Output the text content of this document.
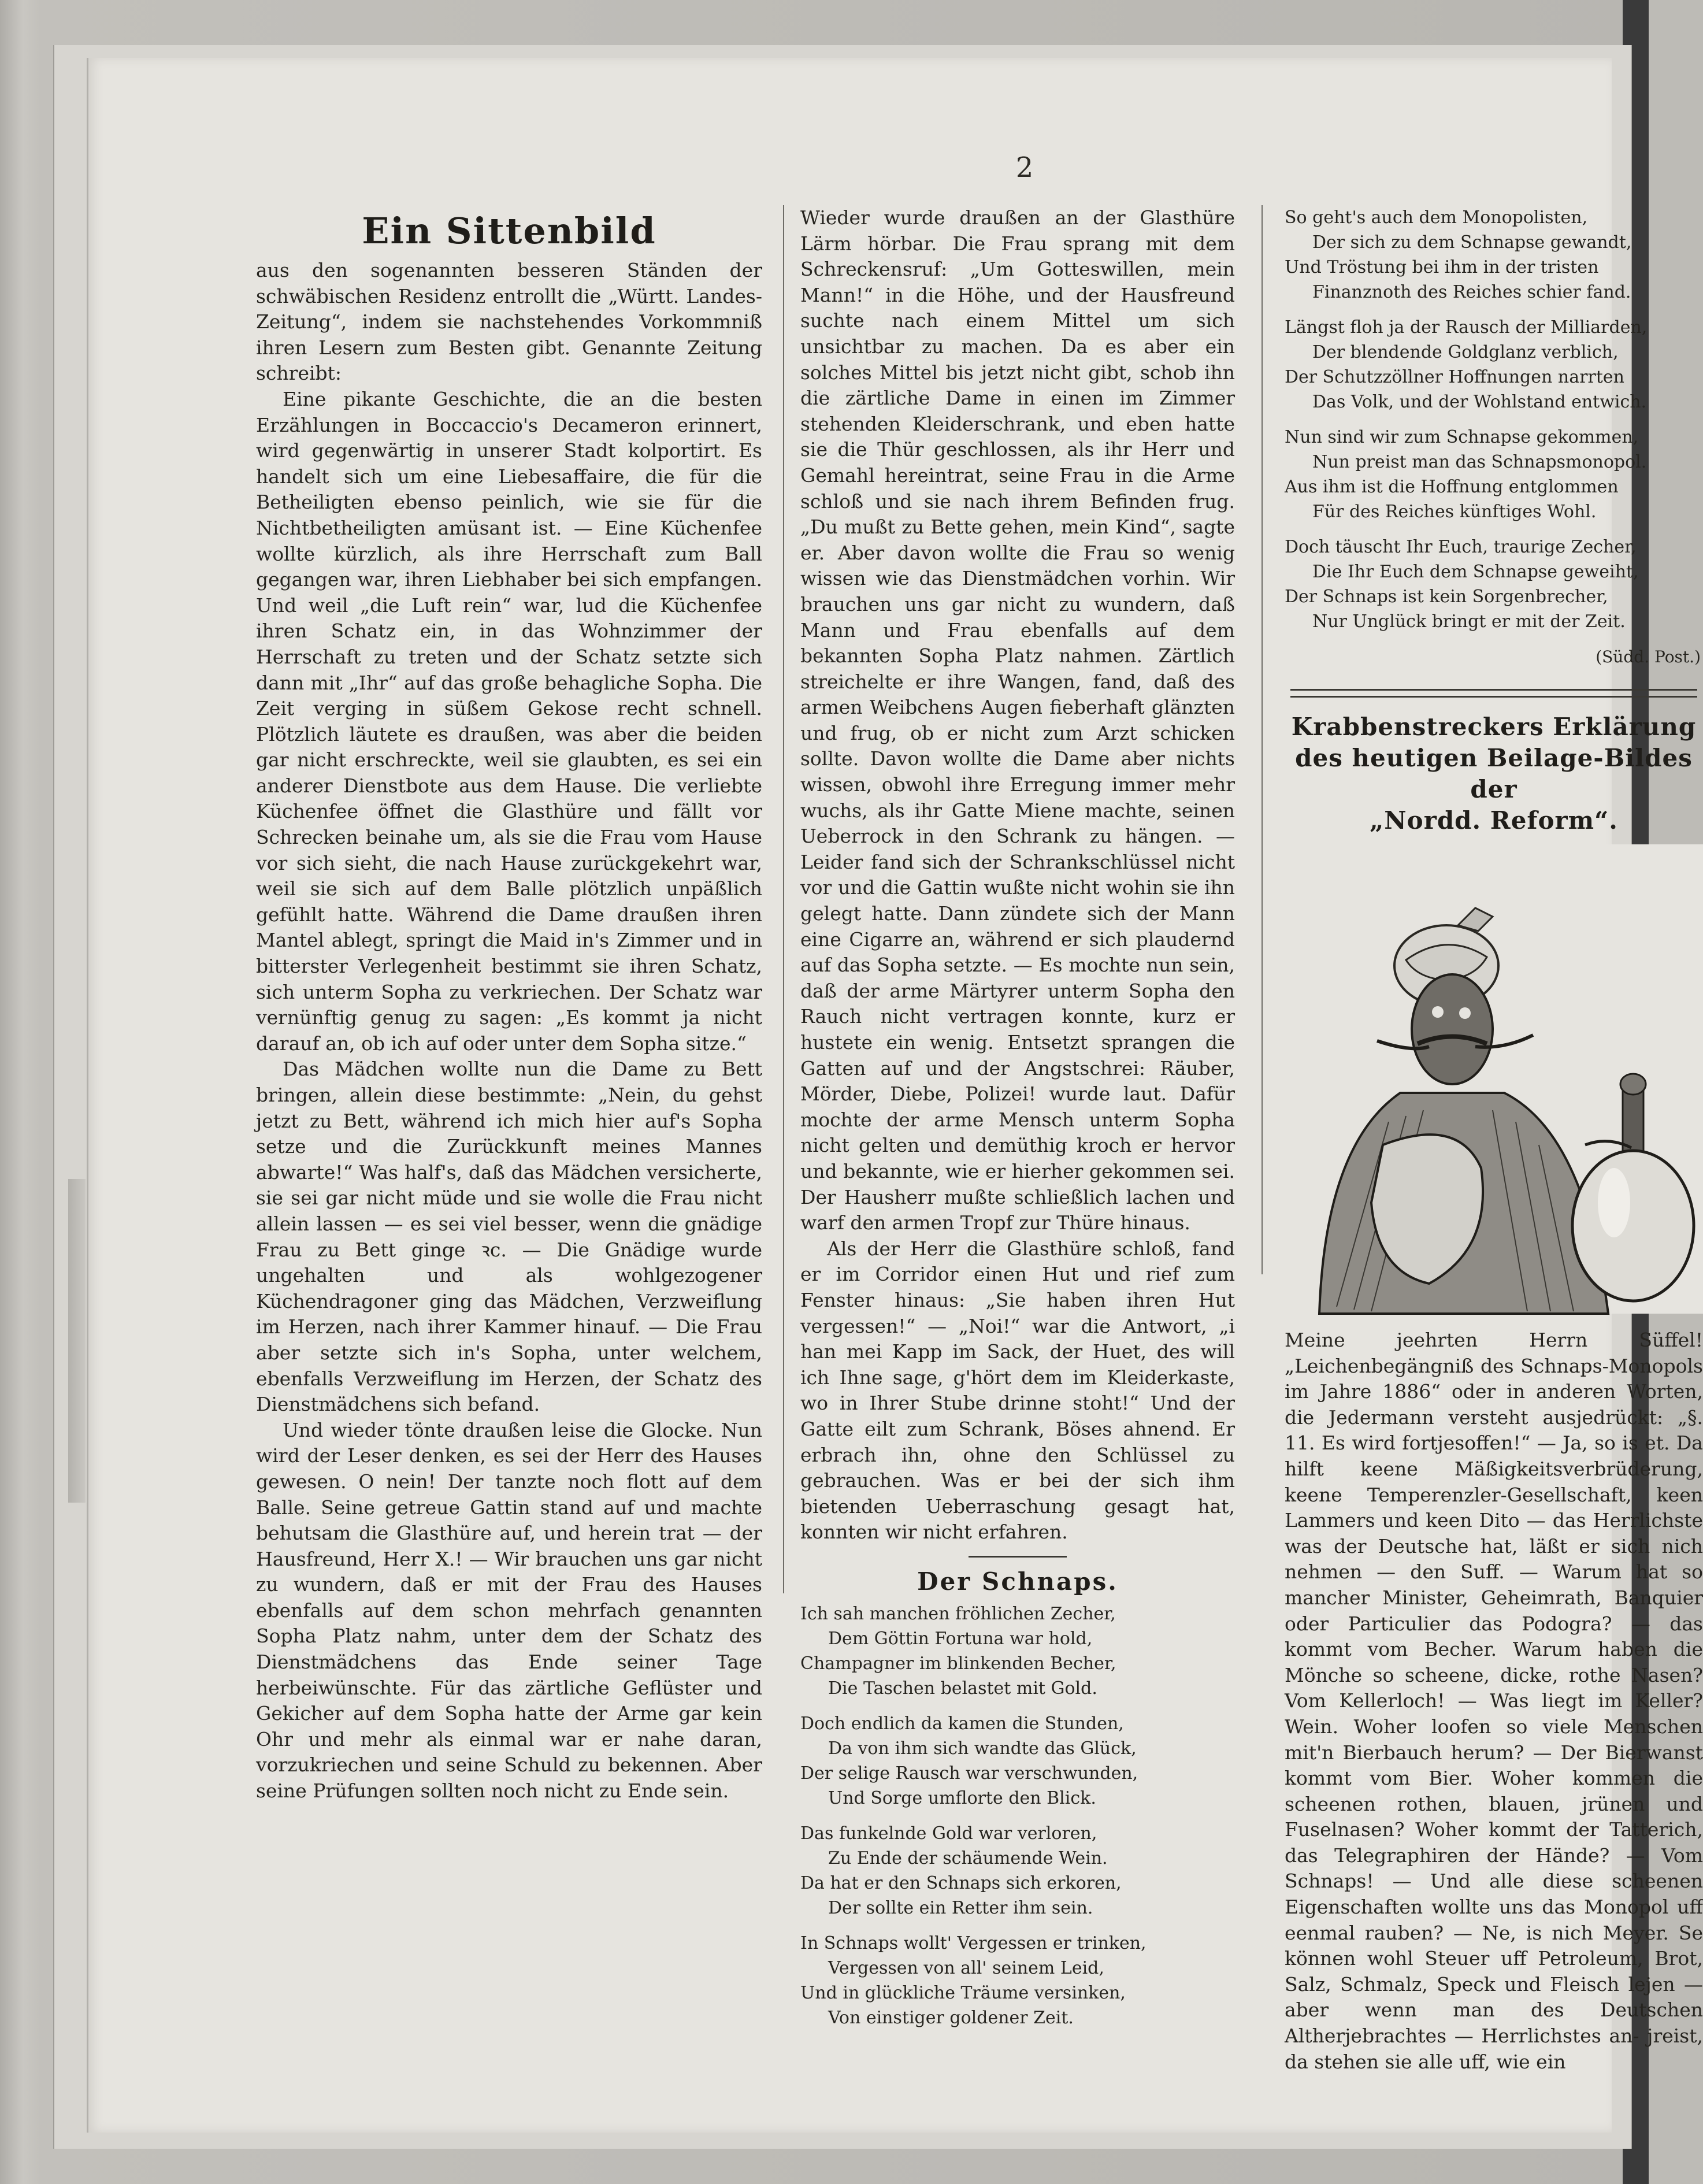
2
Ein Sittenbild

aus den sogenannten besseren Ständen der schwäbischen Residenz entrollt die „Württ. Landes-Zeitung“, indem sie nachstehendes Vorkommniß ihren Lesern zum Besten gibt. Genannte Zeitung schreibt:

Eine pikante Geschichte, die an die besten Erzählungen in Boccaccio's Decameron erinnert, wird gegenwärtig in unserer Stadt kolportirt. Es handelt sich um eine Liebesaffaire, die für die Betheiligten ebenso peinlich, wie sie für die Nichtbetheiligten amüsant ist. — Eine Küchenfee wollte kürzlich, als ihre Herrschaft zum Ball gegangen war, ihren Liebhaber bei sich empfangen. Und weil „die Luft rein“ war, lud die Küchenfee ihren Schatz ein, in das Wohnzimmer der Herrschaft zu treten und der Schatz setzte sich dann mit „Ihr“ auf das große behagliche Sopha. Die Zeit verging in süßem Gekose recht schnell. Plötzlich läutete es draußen, was aber die beiden gar nicht erschreckte, weil sie glaubten, es sei ein anderer Dienstbote aus dem Hause. Die verliebte Küchenfee öffnet die Glasthüre und fällt vor Schrecken beinahe um, als sie die Frau vom Hause vor sich sieht, die nach Hause zurückgekehrt war, weil sie sich auf dem Balle plötzlich unpäßlich gefühlt hatte. Während die Dame draußen ihren Mantel ablegt, springt die Maid in's Zimmer und in bitterster Verlegenheit bestimmt sie ihren Schatz, sich unterm Sopha zu verkriechen. Der Schatz war vernünftig genug zu sagen: „Es kommt ja nicht darauf an, ob ich auf oder unter dem Sopha sitze.“

Das Mädchen wollte nun die Dame zu Bett bringen, allein diese bestimmte: „Nein, du gehst jetzt zu Bett, während ich mich hier auf's Sopha setze und die Zurückkunft meines Mannes abwarte!“ Was half's, daß das Mädchen versicherte, sie sei gar nicht müde und sie wolle die Frau nicht allein lassen — es sei viel besser, wenn die gnädige Frau zu Bett ginge ꝛc. — Die Gnädige wurde ungehalten und als wohlgezogener Küchendragoner ging das Mädchen, Verzweiflung im Herzen, nach ihrer Kammer hinauf. — Die Frau aber setzte sich in's Sopha, unter welchem, ebenfalls Verzweiflung im Herzen, der Schatz des Dienstmädchens sich befand.

Und wieder tönte draußen leise die Glocke. Nun wird der Leser denken, es sei der Herr des Hauses gewesen. O nein! Der tanzte noch flott auf dem Balle. Seine getreue Gattin stand auf und machte behutsam die Glasthüre auf, und herein trat — der Hausfreund, Herr X.! — Wir brauchen uns gar nicht zu wundern, daß er mit der Frau des Hauses ebenfalls auf dem schon mehrfach genannten Sopha Platz nahm, unter dem der Schatz des Dienstmädchens das Ende seiner Tage herbeiwünschte. Für das zärtliche Geflüster und Gekicher auf dem Sopha hatte der Arme gar kein Ohr und mehr als einmal war er nahe daran, vorzukriechen und seine Schuld zu bekennen. Aber seine Prüfungen sollten noch nicht zu Ende sein.

Wieder wurde draußen an der Glasthüre Lärm hörbar. Die Frau sprang mit dem Schreckensruf: „Um Gotteswillen, mein Mann!“ in die Höhe, und der Hausfreund suchte nach einem Mittel um sich unsichtbar zu machen. Da es aber ein solches Mittel bis jetzt nicht gibt, schob ihn die zärtliche Dame in einen im Zimmer stehenden Kleiderschrank, und eben hatte sie die Thür geschlossen, als ihr Herr und Gemahl hereintrat, seine Frau in die Arme schloß und sie nach ihrem Befinden frug. „Du mußt zu Bette gehen, mein Kind“, sagte er. Aber davon wollte die Frau so wenig wissen wie das Dienstmädchen vorhin. Wir brauchen uns gar nicht zu wundern, daß Mann und Frau ebenfalls auf dem bekannten Sopha Platz nahmen. Zärtlich streichelte er ihre Wangen, fand, daß des armen Weibchens Augen fieberhaft glänzten und frug, ob er nicht zum Arzt schicken sollte. Davon wollte die Dame aber nichts wissen, obwohl ihre Erregung immer mehr wuchs, als ihr Gatte Miene machte, seinen Ueberrock in den Schrank zu hängen. — Leider fand sich der Schrankschlüssel nicht vor und die Gattin wußte nicht wohin sie ihn gelegt hatte. Dann zündete sich der Mann eine Cigarre an, während er sich plaudernd auf das Sopha setzte. — Es mochte nun sein, daß der arme Märtyrer unterm Sopha den Rauch nicht vertragen konnte, kurz er hustete ein wenig. Entsetzt sprangen die Gatten auf und der Angstschrei: Räuber, Mörder, Diebe, Polizei! wurde laut. Dafür mochte der arme Mensch unterm Sopha nicht gelten und demüthig kroch er hervor und bekannte, wie er hierher gekommen sei. Der Hausherr mußte schließlich lachen und warf den armen Tropf zur Thüre hinaus.

Als der Herr die Glasthüre schloß, fand er im Corridor einen Hut und rief zum Fenster hinaus: „Sie haben ihren Hut vergessen!“ — „Noi!“ war die Antwort, „i han mei Kapp im Sack, der Huet, des will ich Ihne sage, g'hört dem im Kleiderkaste, wo in Ihrer Stube drinne stoht!“ Und der Gatte eilt zum Schrank, Böses ahnend. Er erbrach ihn, ohne den Schlüssel zu gebrauchen. Was er bei der sich ihm bietenden Ueberraschung gesagt hat, konnten wir nicht erfahren.

Der Schnaps.
Ich sah manchen fröhlichen Zecher,
Dem Göttin Fortuna war hold,
Champagner im blinkenden Becher,
Die Taschen belastet mit Gold.
Doch endlich da kamen die Stunden,
Da von ihm sich wandte das Glück,
Der selige Rausch war verschwunden,
Und Sorge umflorte den Blick.
Das funkelnde Gold war verloren,
Zu Ende der schäumende Wein.
Da hat er den Schnaps sich erkoren,
Der sollte ein Retter ihm sein.
In Schnaps wollt' Vergessen er trinken,
Vergessen von all' seinem Leid,
Und in glückliche Träume versinken,
Von einstiger goldener Zeit.
So geht's auch dem Monopolisten,
Der sich zu dem Schnapse gewandt,
Und Tröstung bei ihm in der tristen
Finanznoth des Reiches schier fand.
Längst floh ja der Rausch der Milliarden,
Der blendende Goldglanz verblich,
Der Schutzzöllner Hoffnungen narrten
Das Volk, und der Wohlstand entwich.
Nun sind wir zum Schnapse gekommen,
Nun preist man das Schnapsmonopol.
Aus ihm ist die Hoffnung entglommen
Für des Reiches künftiges Wohl.
Doch täuscht Ihr Euch, traurige Zecher,
Die Ihr Euch dem Schnapse geweiht,
Der Schnaps ist kein Sorgenbrecher,
Nur Unglück bringt er mit der Zeit.
(Südd. Post.)
Krabbenstreckers Erklärung
des heutigen Beilage-Bildes der
„Nordd. Reform“.

Meine jeehrten Herrn Süffel! „Leichenbegängniß des Schnaps-Monopols im Jahre 1886“ oder in anderen Worten, die Jedermann versteht ausjedrückt: „§. 11. Es wird fortjesoffen!“ — Ja, so is et. Da hilft keene Mäßigkeitsverbrüderung, keene Temperenzler-Gesellschaft, keen Lammers und keen Dito — das Herrlichste was der Deutsche hat, läßt er sich nich nehmen — den Suff. — Warum hat so mancher Minister, Geheimrath, Banquier oder Particulier das Podogra? — das kommt vom Becher. Warum haben die Mönche so scheene, dicke, rothe Nasen? Vom Kellerloch! — Was liegt im Keller? Wein. Woher loofen so viele Menschen mit'n Bierbauch herum? — Der Bierwanst kommt vom Bier. Woher kommen die scheenen rothen, blauen, jrünen und Fuselnasen? Woher kommt der Tatterich, das Telegraphiren der Hände? — Vom Schnaps! — Und alle diese scheenen Eigenschaften wollte uns das Monopol uff eenmal rauben? — Ne, is nich Meyer. Se können wohl Steuer uff Petroleum, Brot, Salz, Schmalz, Speck und Fleisch lejen — aber wenn man des Deutschen Altherjebrachtes — Herrlichstes an- jreist, da stehen sie alle uff, wie ein
